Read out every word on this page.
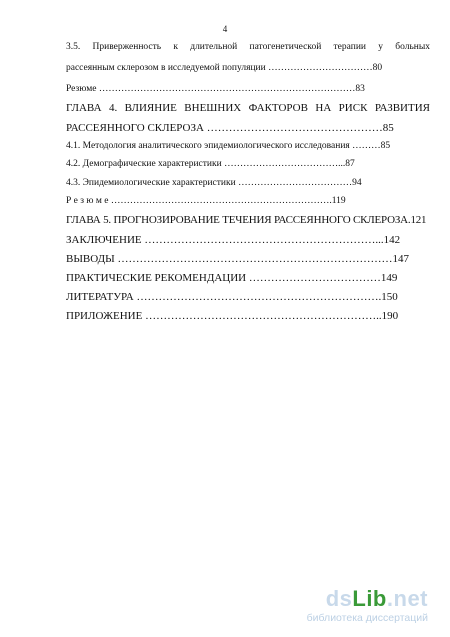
4
3.5. Приверженность к длительной патогенетической терапии у больных
рассеянным склерозом в исследуемой популяции ……………………………80
Резюме ………………………………………………………………………83
ГЛАВА 4. ВЛИЯНИЕ ВНЕШНИХ ФАКТОРОВ НА РИСК РАЗВИТИЯ
РАССЕЯННОГО СКЛЕРОЗА …………………………………………85
4.1. Методология аналитического эпидемиологического исследования ………85
4.2. Демографические характеристики ………………………………...87
4.3. Эпидемиологические характеристики ………………………………94
Р е з ю м е …………………………………………………………….119
ГЛАВА 5. ПРОГНОЗИРОВАНИЕ ТЕЧЕНИЯ РАССЕЯННОГО СКЛЕРОЗА.121
ЗАКЛЮЧЕНИЕ ………………………………………………………...142
ВЫВОДЫ …………………………………………………………………147
ПРАКТИЧЕСКИЕ РЕКОМЕНДАЦИИ ………………………………149
ЛИТЕРАТУРА ………………………………………………………….150
ПРИЛОЖЕНИЕ ………………………………………………………..190
dsLib.net
библиотека диссертаций
